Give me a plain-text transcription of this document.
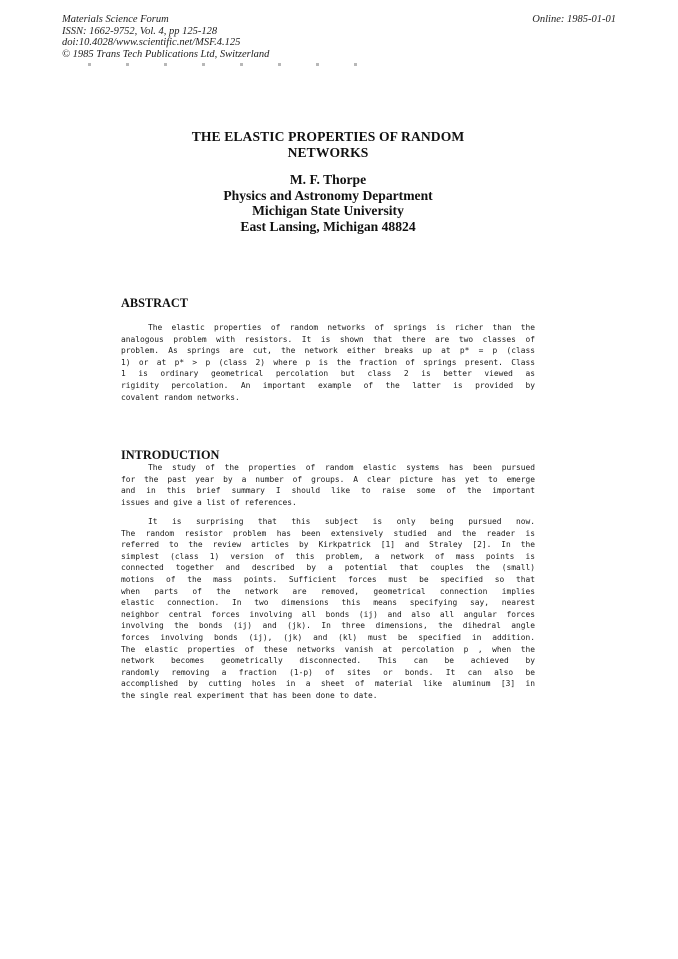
Materials Science Forum
ISSN: 1662-9752, Vol. 4, pp 125-128
doi:10.4028/www.scientific.net/MSF.4.125
© 1985 Trans Tech Publications Ltd, Switzerland
Online: 1985-01-01
THE ELASTIC PROPERTIES OF RANDOM
NETWORKS
M. F. Thorpe
Physics and Astronomy Department
Michigan State University
East Lansing, Michigan 48824
ABSTRACT
The elastic properties of random networks of springs is richer than the
analogous problem with resistors. It is shown that there are two classes of
problem. As springs are cut, the network either breaks up at p* = p (class
1) or at p* > p (class 2) where p is the fraction of springs present. Class
1 is ordinary geometrical percolation but class 2 is better viewed as
rigidity percolation. An important example of the latter is provided by
covalent random networks.
INTRODUCTION
The study of the properties of random elastic systems has been pursued
for the past year by a number of groups. A clear picture has yet to emerge
and in this brief summary I should like to raise some of the important
issues and give a list of references.
It is surprising that this subject is only being pursued now.
The random resistor problem has been extensively studied and the reader is
referred to the review articles by Kirkpatrick [1] and Straley [2]. In the
simplest (class 1) version of this problem, a network of mass points is
connected together and described by a potential that couples the (small)
motions of the mass points. Sufficient forces must be specified so that
when parts of the network are removed, geometrical connection implies
elastic connection. In two dimensions this means specifying say, nearest
neighbor central forces involving all bonds (ij) and also all angular forces
involving the bonds (ij) and (jk). In three dimensions, the dihedral angle
forces involving bonds (ij), (jk) and (kl) must be specified in addition.
The elastic properties of these networks vanish at percolation p , when the
network becomes geometrically disconnected. This can be achieved by
randomly removing a fraction (1-p) of sites or bonds. It can also be
accomplished by cutting holes in a sheet of material like aluminum [3] in
the single real experiment that has been done to date.
